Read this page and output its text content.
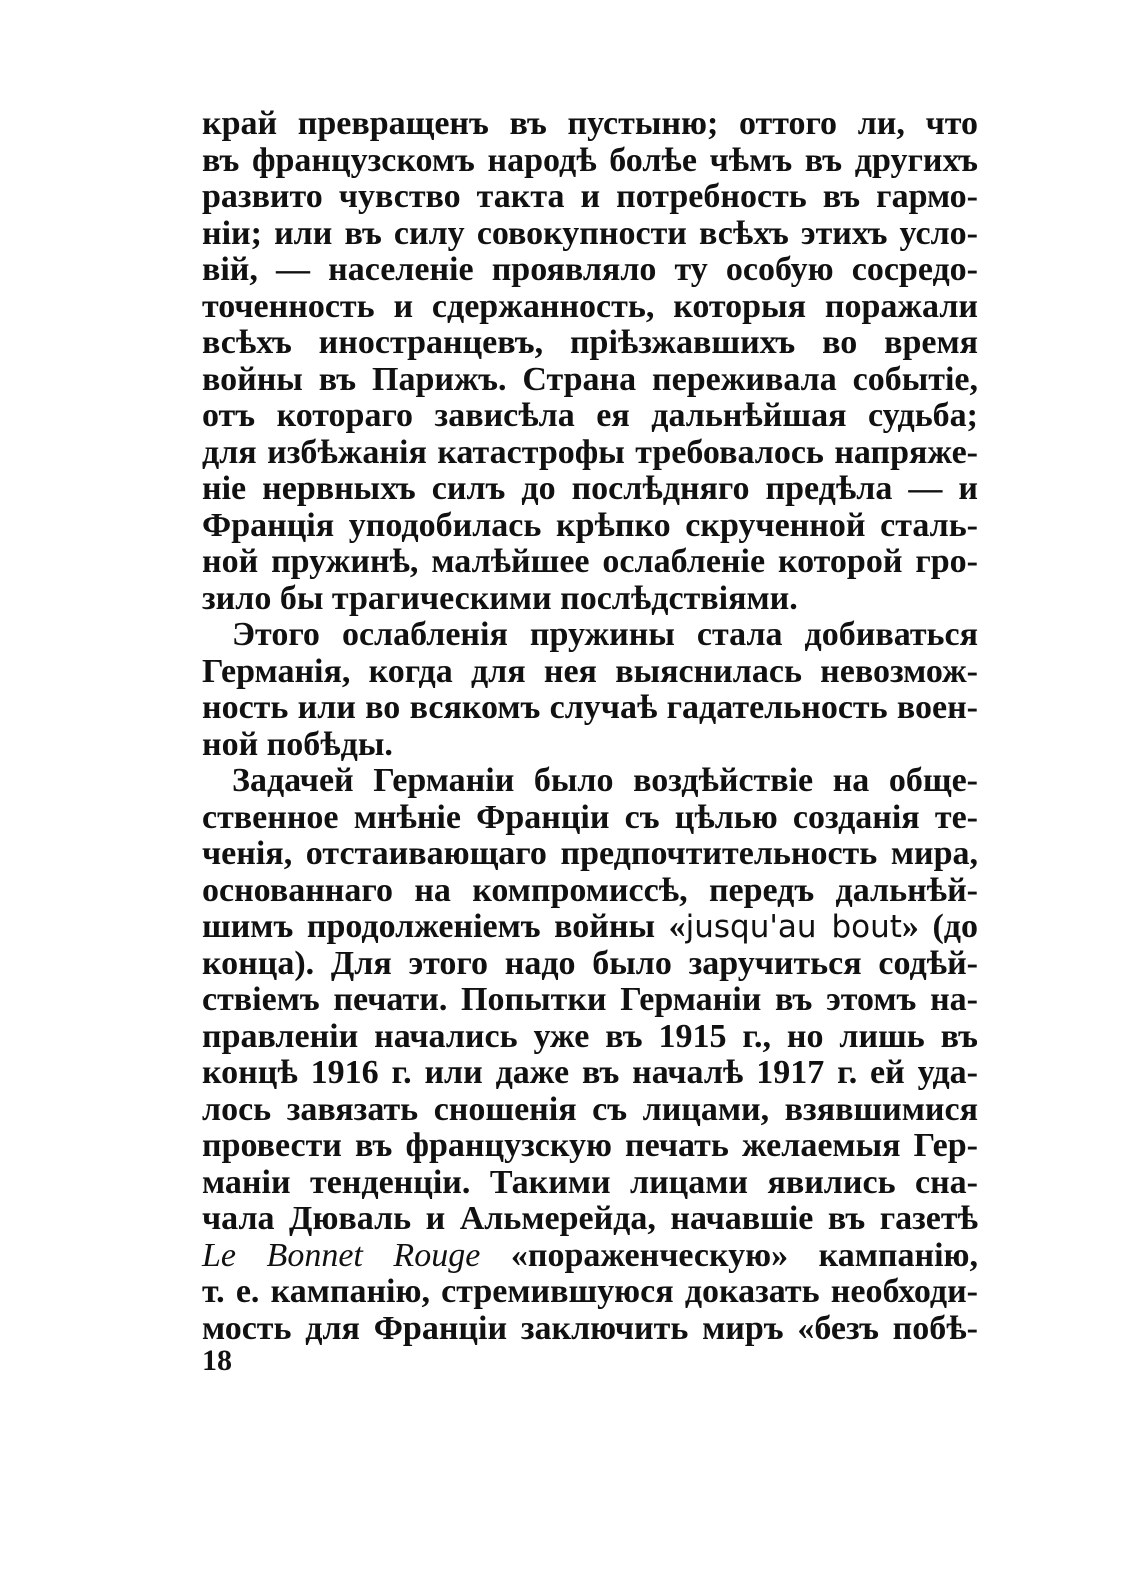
край превращенъ въ пустыню; оттого ли, что
въ французскомъ народѣ болѣе чѣмъ въ другихъ
развито чувство такта и потребность въ гармо-
нiи; или въ силу совокупности всѣхъ этихъ усло-
вiй, — населенiе проявляло ту особую сосредо-
точенность и сдержанность, которыя поражали
всѣхъ иностранцевъ, прiѣзжавшихъ во время
войны въ Парижъ. Страна переживала событiе,
отъ котораго зависѣла ея дальнѣйшая судьба;
для избѣжанiя катастрофы требовалось напряже-
нiе нервныхъ силъ до послѣдняго предѣла — и
Францiя уподобилась крѣпко скрученной сталь-
ной пружинѣ, малѣйшее ослабленiе которой гро-
зило бы трагическими послѣдствiями.
Этого ослабленiя пружины стала добиваться
Германiя, когда для нея выяснилась невозмож-
ность или во всякомъ случаѣ гадательность воен-
ной побѣды.
Задачей Германiи было воздѣйствiе на обще-
ственное мнѣнiе Францiи съ цѣлью созданiя те-
ченiя, отстаивающаго предпочтительность мира,
основаннаго на компромиссѣ, передъ дальнѣй-
шимъ продолженiемъ войны «jusqu'au bout» (до
конца). Для этого надо было заручиться содѣй-
ствiемъ печати. Попытки Германiи въ этомъ на-
правленiи начались уже въ 1915 г., но лишь въ
концѣ 1916 г. или даже въ началѣ 1917 г. ей уда-
лось завязать сношенiя съ лицами, взявшимися
провести въ французскую печать желаемыя Гер-
манiи тенденцiи. Такими лицами явились сна-
чала Дюваль и Альмерейда, начавшiе въ газетѣ
Le Bonnet Rouge «пораженческую» кампанiю,
т. е. кампанiю, стремившуюся доказать необходи-
мость для Францiи заключить миръ «безъ побѣ-
18
